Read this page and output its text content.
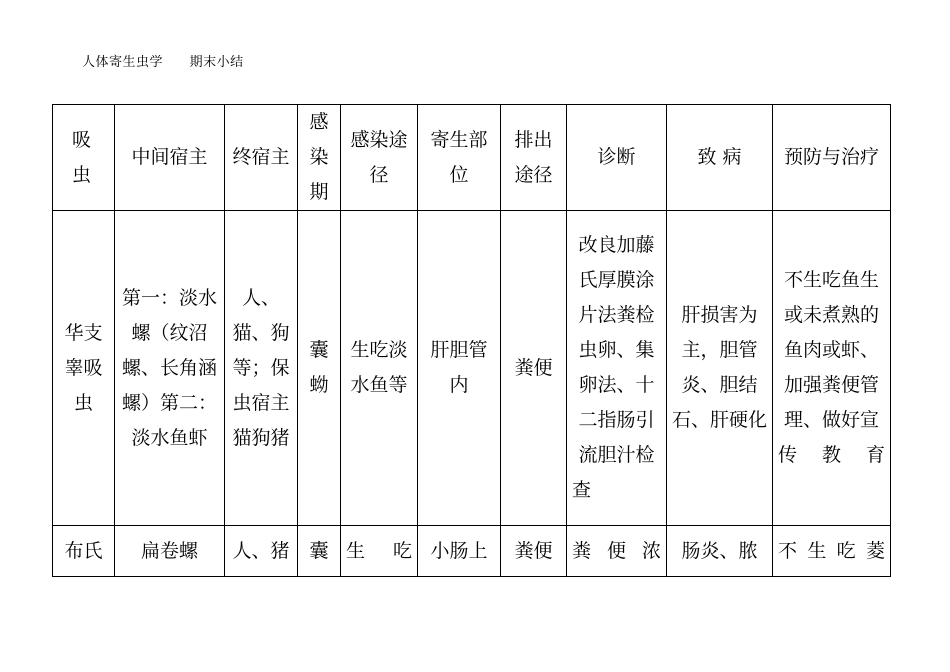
人体寄生虫学 期末小结
吸 虫	中间宿主	终宿主	感染期	感染途径	寄生部位	排出途径	诊断	致 病	预防与治疗
华支睾吸虫	第一：淡水螺（纹沼螺、长角涵螺）第二：淡水鱼虾	人、猫、狗等；保虫宿主猫狗猪	囊蚴	生吃淡水鱼等	肝胆管内	粪便	改良加藤氏厚膜涂片法粪检虫卵、集卵法、十二指肠引流胆汁检查	肝损害为主，胆管炎、胆结石、肝硬化	不生吃鱼生或未煮熟的鱼肉或虾、加强粪便管理、做好宣传教育
布氏	扁卷螺	人、猪	囊	生 吃	小肠上	粪便	粪 便 浓	肠炎、脓	不生吃菱
